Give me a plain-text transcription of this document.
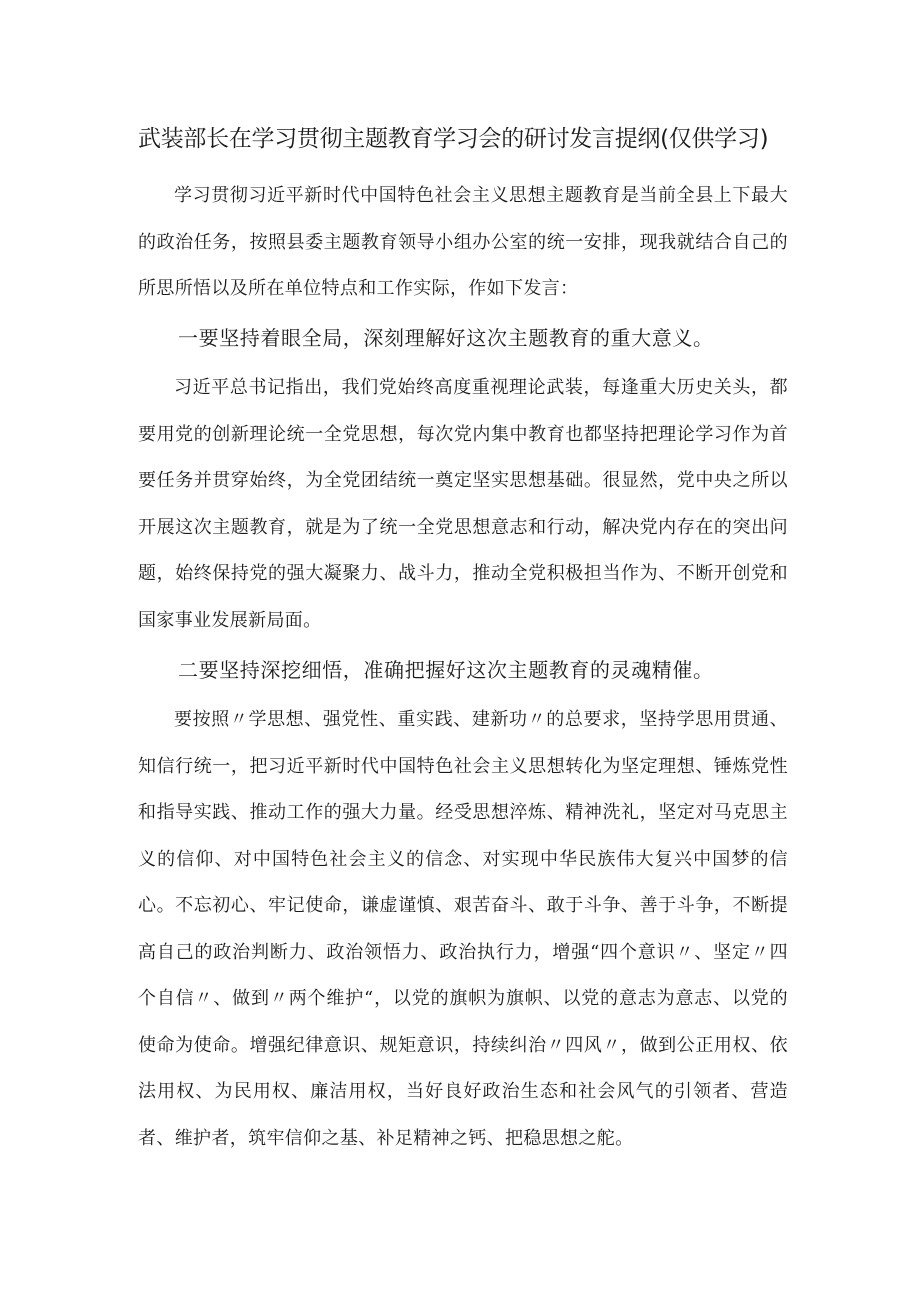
武装部长在学习贯彻主题教育学习会的研讨发言提纲(仅供学习)
学习贯彻习近平新时代中国特色社会主义思想主题教育是当前全县上下最大的政治任务，按照县委主题教育领导小组办公室的统一安排，现我就结合自己的所思所悟以及所在单位特点和工作实际，作如下发言：
一要坚持着眼全局，深刻理解好这次主题教育的重大意义。
习近平总书记指出，我们党始终高度重视理论武装，每逢重大历史关头，都要用党的创新理论统一全党思想，每次党内集中教育也都坚持把理论学习作为首要任务并贯穿始终，为全党团结统一奠定坚实思想基础。很显然，党中央之所以开展这次主题教育，就是为了统一全党思想意志和行动，解决党内存在的突出问题，始终保持党的强大凝聚力、战斗力，推动全党积极担当作为、不断开创党和国家事业发展新局面。
二要坚持深挖细悟，准确把握好这次主题教育的灵魂精催。
要按照〃学思想、强党性、重实践、建新功〃的总要求，坚持学思用贯通、知信行统一，把习近平新时代中国特色社会主义思想转化为坚定理想、锤炼党性和指导实践、推动工作的强大力量。经受思想淬炼、精神洗礼，坚定对马克思主义的信仰、对中国特色社会主义的信念、对实现中华民族伟大复兴中国梦的信心。不忘初心、牢记使命，谦虚谨慎、艰苦奋斗、敢于斗争、善于斗争，不断提高自己的政治判断力、政治领悟力、政治执行力，增强“四个意识〃、坚定〃四个自信〃、做到〃两个维护“，以党的旗帜为旗帜、以党的意志为意志、以党的使命为使命。增强纪律意识、规矩意识，持续纠治〃四风〃，做到公正用权、依法用权、为民用权、廉洁用权，当好良好政治生态和社会风气的引领者、营造者、维护者，筑牢信仰之基、补足精神之钙、把稳思想之舵。
